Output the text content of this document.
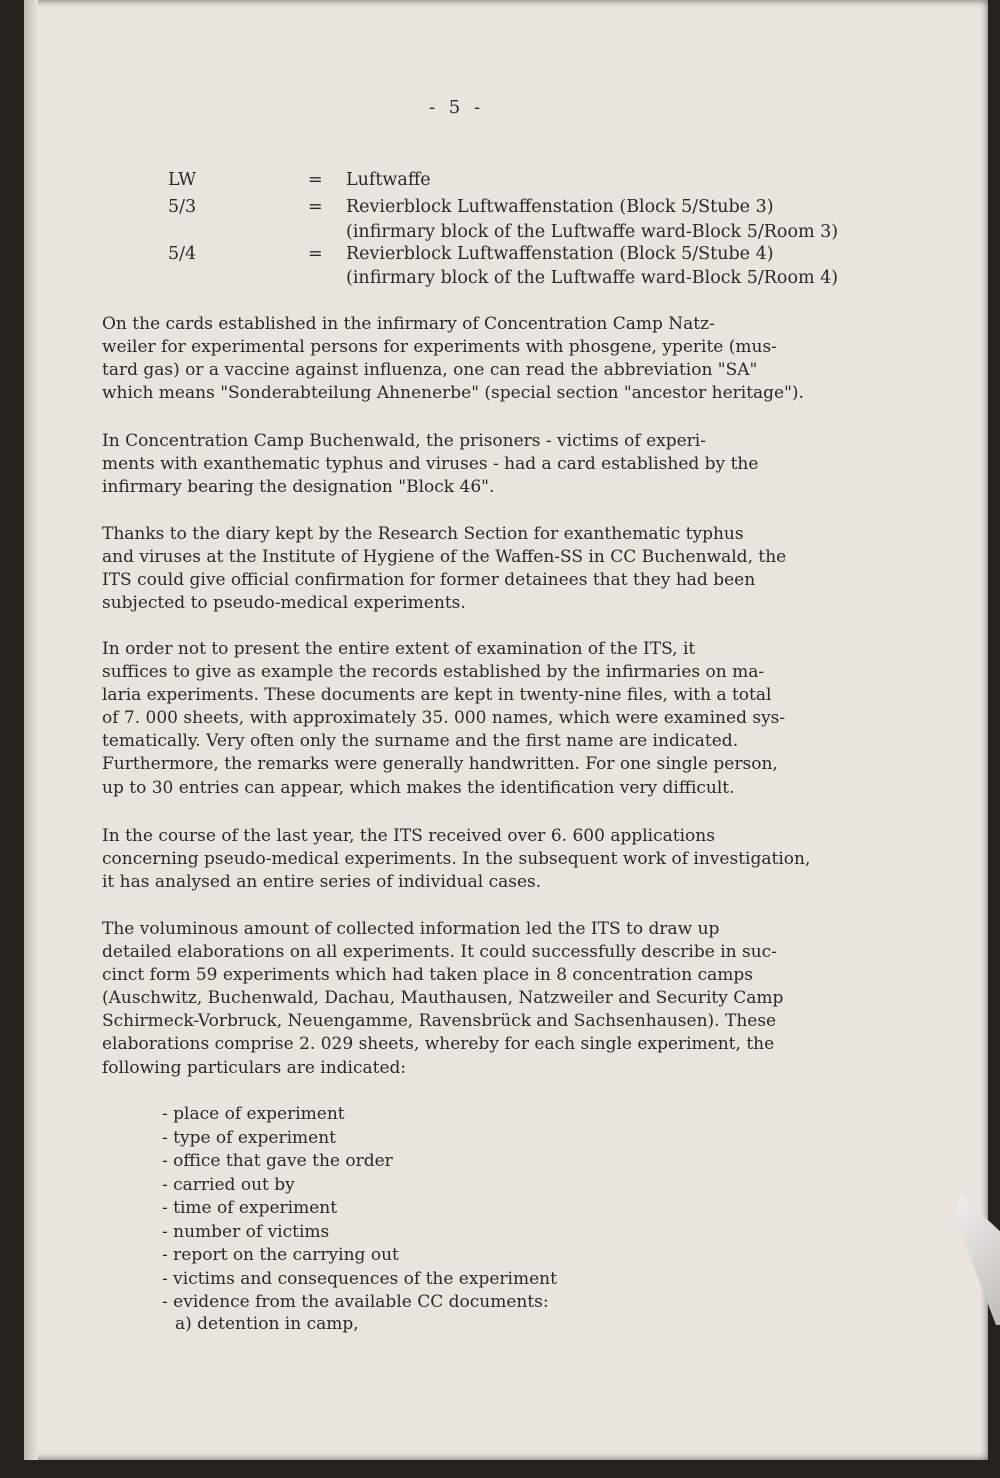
- 5 -
LW	= Luftwaffe
5/3	= Revierblock Luftwaffenstation (Block 5/Stube 3)
(infirmary block of the Luftwaffe ward-Block 5/Room 3)
5/4	= Revierblock Luftwaffenstation (Block 5/Stube 4)
(infirmary block of the Luftwaffe ward-Block 5/Room 4)
On the cards established in the infirmary of Concentration Camp Natz-
weiler for experimental persons for experiments with phosgene, yperite (mus-
tard gas) or a vaccine against influenza, one can read the abbreviation "SA"
which means "Sonderabteilung Ahnenerbe" (special section "ancestor heritage").
In Concentration Camp Buchenwald, the prisoners - victims of experi-
ments with exanthematic typhus and viruses - had a card established by the
infirmary bearing the designation "Block 46".
Thanks to the diary kept by the Research Section for exanthematic typhus
and viruses at the Institute of Hygiene of the Waffen-SS in CC Buchenwald, the
ITS could give official confirmation for former detainees that they had been
subjected to pseudo-medical experiments.
In order not to present the entire extent of examination of the ITS, it
suffices to give as example the records established by the infirmaries on ma-
laria experiments. These documents are kept in twenty-nine files, with a total
of 7. 000 sheets, with approximately 35. 000 names, which were examined sys-
tematically. Very often only the surname and the first name are indicated.
Furthermore, the remarks were generally handwritten. For one single person,
up to 30 entries can appear, which makes the identification very difficult.
In the course of the last year, the ITS received over 6. 600 applications
concerning pseudo-medical experiments. In the subsequent work of investigation,
it has analysed an entire series of individual cases.
The voluminous amount of collected information led the ITS to draw up
detailed elaborations on all experiments. It could successfully describe in suc-
cinct form 59 experiments which had taken place in 8 concentration camps
(Auschwitz, Buchenwald, Dachau, Mauthausen, Natzweiler and Security Camp
Schirmeck-Vorbruck, Neuengamme, Ravensbrück and Sachsenhausen). These
elaborations comprise 2. 029 sheets, whereby for each single experiment, the
following particulars are indicated:
- place of experiment
- type of experiment
- office that gave the order
- carried out by
- time of experiment
- number of victims
- report on the carrying out
- victims and consequences of the experiment
- evidence from the available CC documents:
a) detention in camp,
